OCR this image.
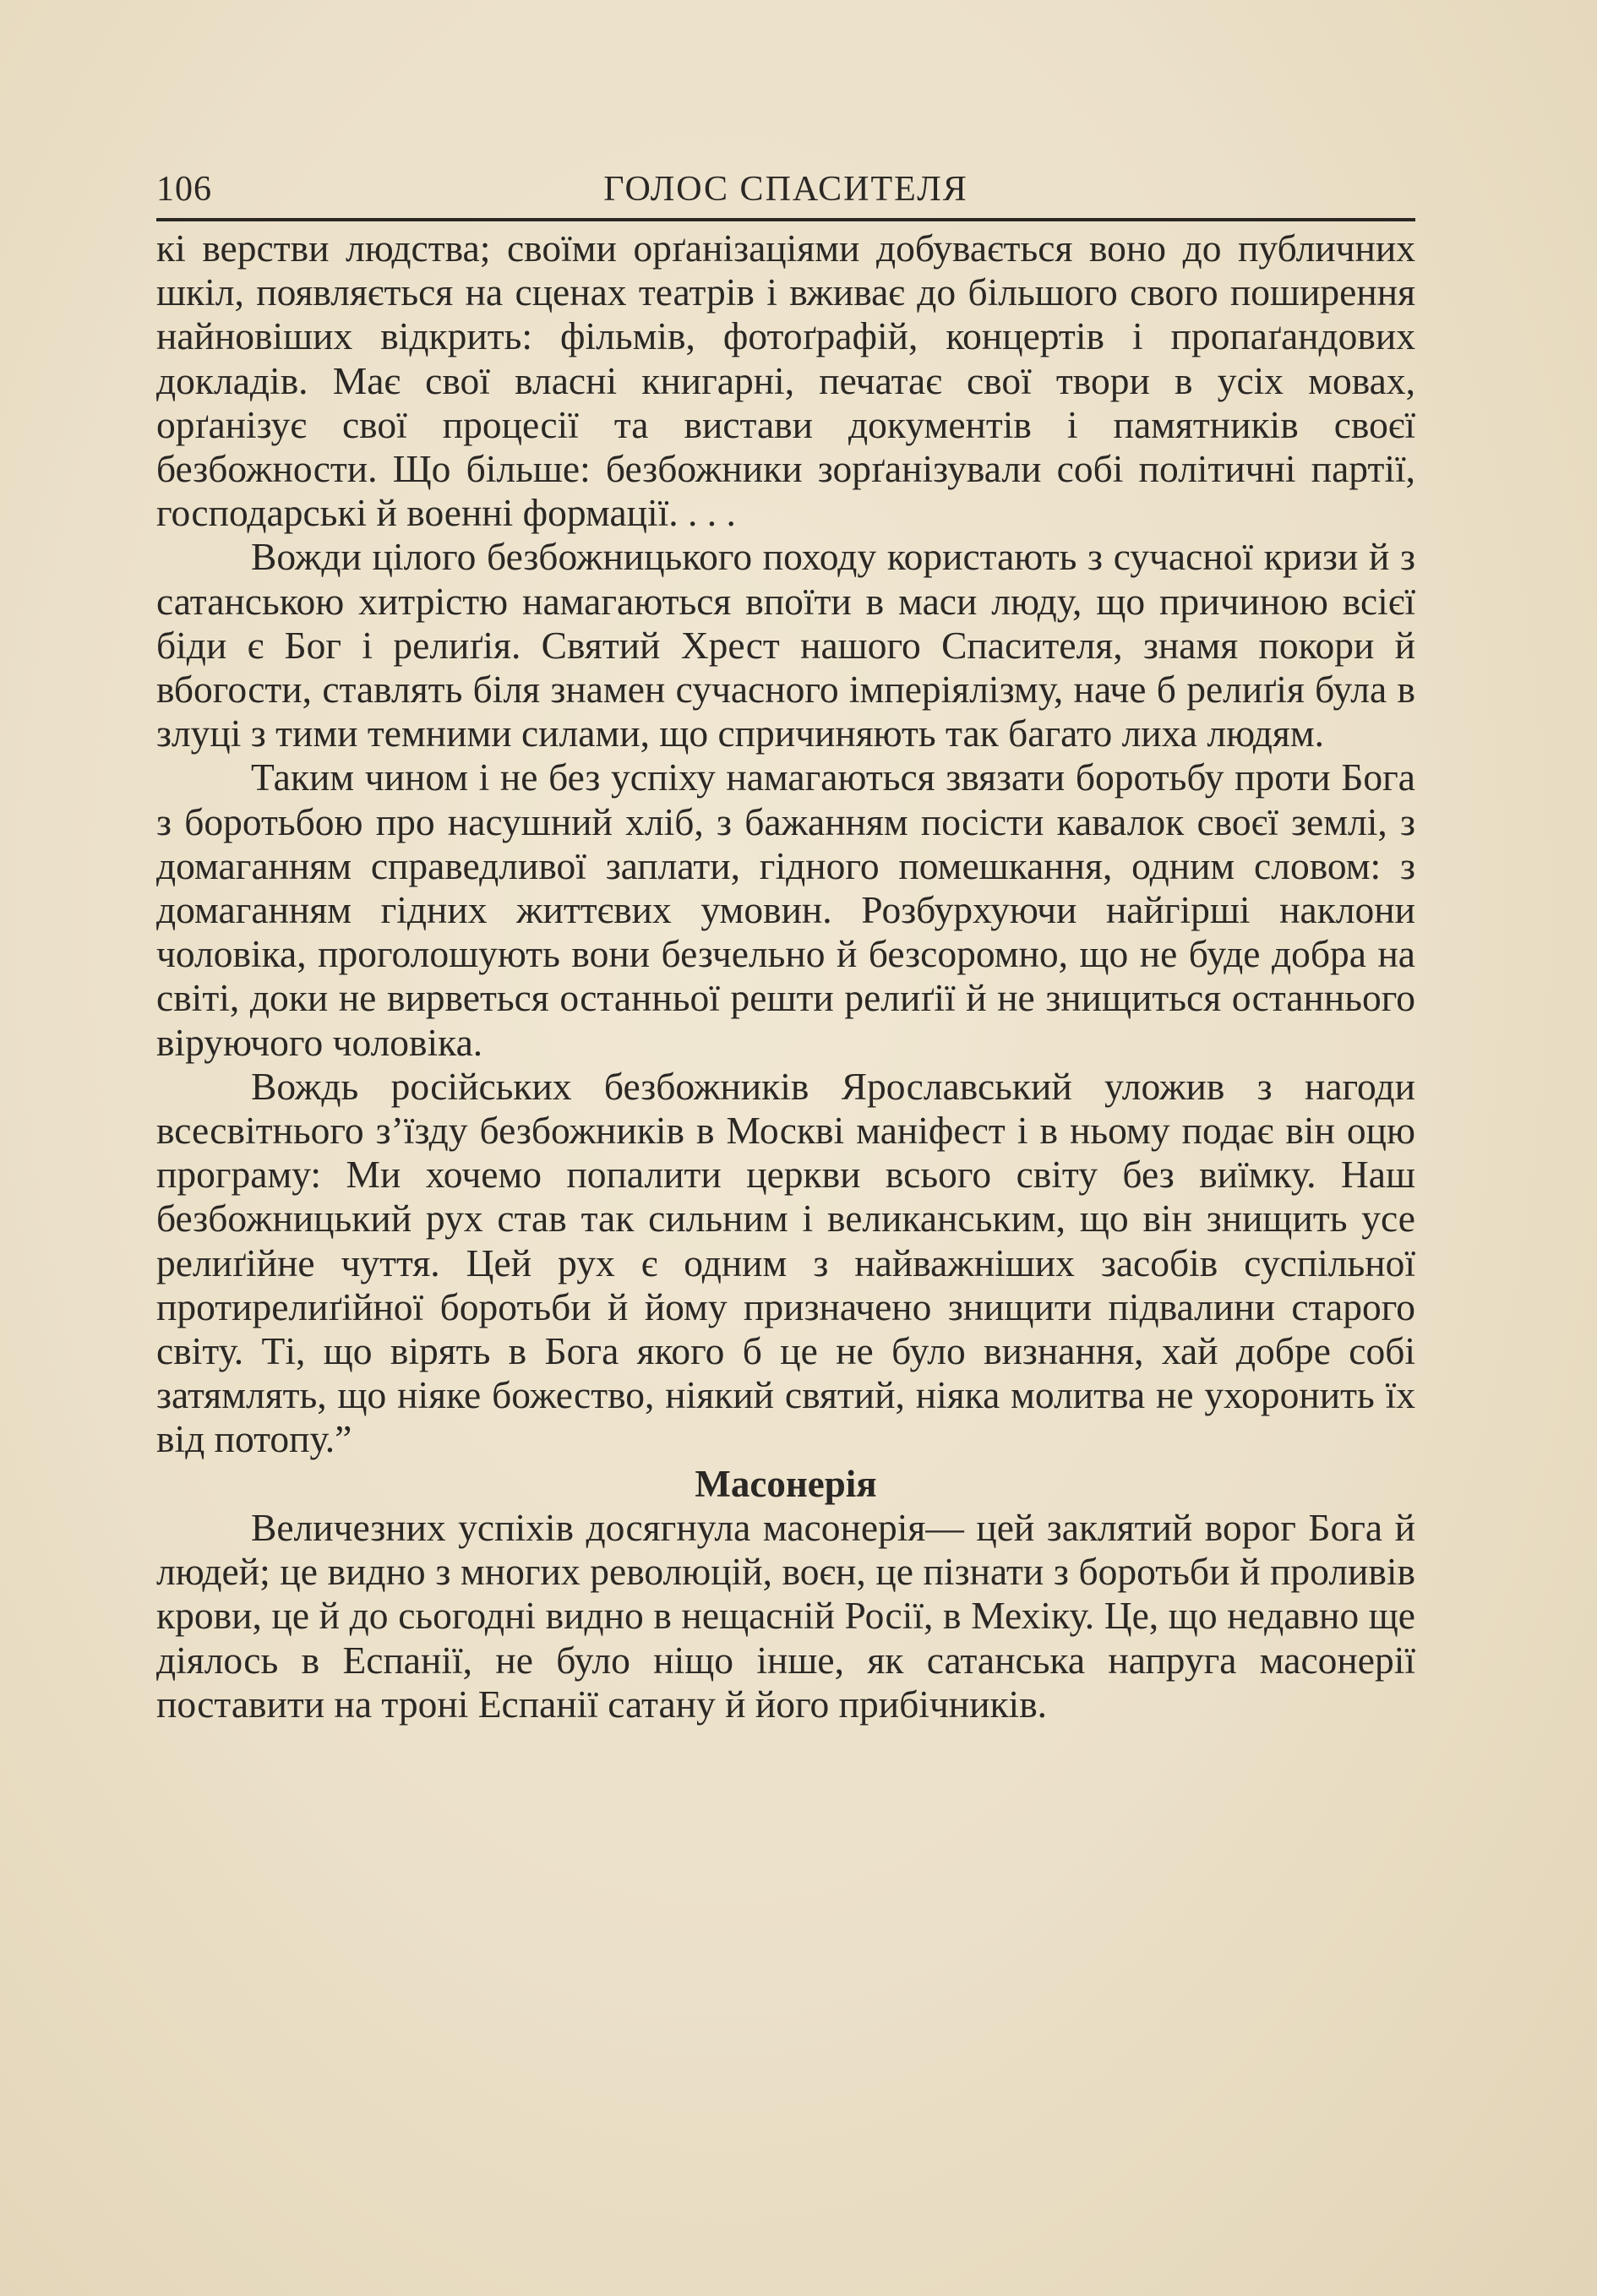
106	ГОЛОС СПАСИТЕЛЯ

кі верстви людства; своїми орґанізаціями добувається воно до публичних шкіл, появляється на сценах театрів і вживає до більшого свого поширення найновіших відкрить: фільмів, фотоґрафій, концертів і пропаґандових докладів. Має свої власні книгарні, печатає свої твори в усіх мовах, орґанізує свої процесії та вистави документів і памятників своєї безбожности. Що більше: безбожники зорґанізували собі політичні партії, господарські й военні формації. . . .

Вожди цілого безбожницького походу користають з сучасної кризи й з сатанською хитрістю намагаються впоїти в маси люду, що причиною всієї біди є Бог і релиґія. Святий Хрест нашого Спасителя, знамя покори й вбогости, ставлять біля знамен сучасного імперіялізму, наче б релиґія була в злуці з тими темними силами, що спричиняють так багато лиха людям.

Таким чином і не без успіху намагаються звязати боротьбу проти Бога з боротьбою про насушний хліб, з бажанням посісти кавалок своєї землі, з домаганням справедливої заплати, гідного помешкання, одним словом: з домаганням гідних життєвих умовин. Розбурхуючи найгірші наклони чоловіка, проголошують вони безчельно й безсоромно, що не буде добра на світі, доки не вирветься останньої решти релиґії й не знищиться останнього віруючого чоловіка.

Вождь російських безбожників Ярославський уложив з нагоди всесвітнього з’їзду безбожників в Москві маніфест і в ньому подає він оцю програму: Ми хочемо попалити церкви всього світу без виїмку. Наш безбожницький рух став так сильним і великанським, що він знищить усе релиґійне чуття. Цей рух є одним з найважніших засобів суспільної протирелиґійної боротьби й йому призначено знищити підвалини старого світу. Ті, що вірять в Бога якого б це не було визнання, хай добре собі затямлять, що ніяке божество, ніякий святий, ніяка молитва не ухоронить їх від потопу.”

Масонерія

Величезних успіхів досягнула масонерія— цей заклятий ворог Бога й людей; це видно з многих революцій, воєн, це пізнати з боротьби й проливів крови, це й до сьогодні видно в нещасній Росії, в Мехіку. Це, що недавно ще діялось в Еспанії, не було ніщо інше, як сатанська напруга масонерії поставити на троні Еспанії сатану й його прибічників.
